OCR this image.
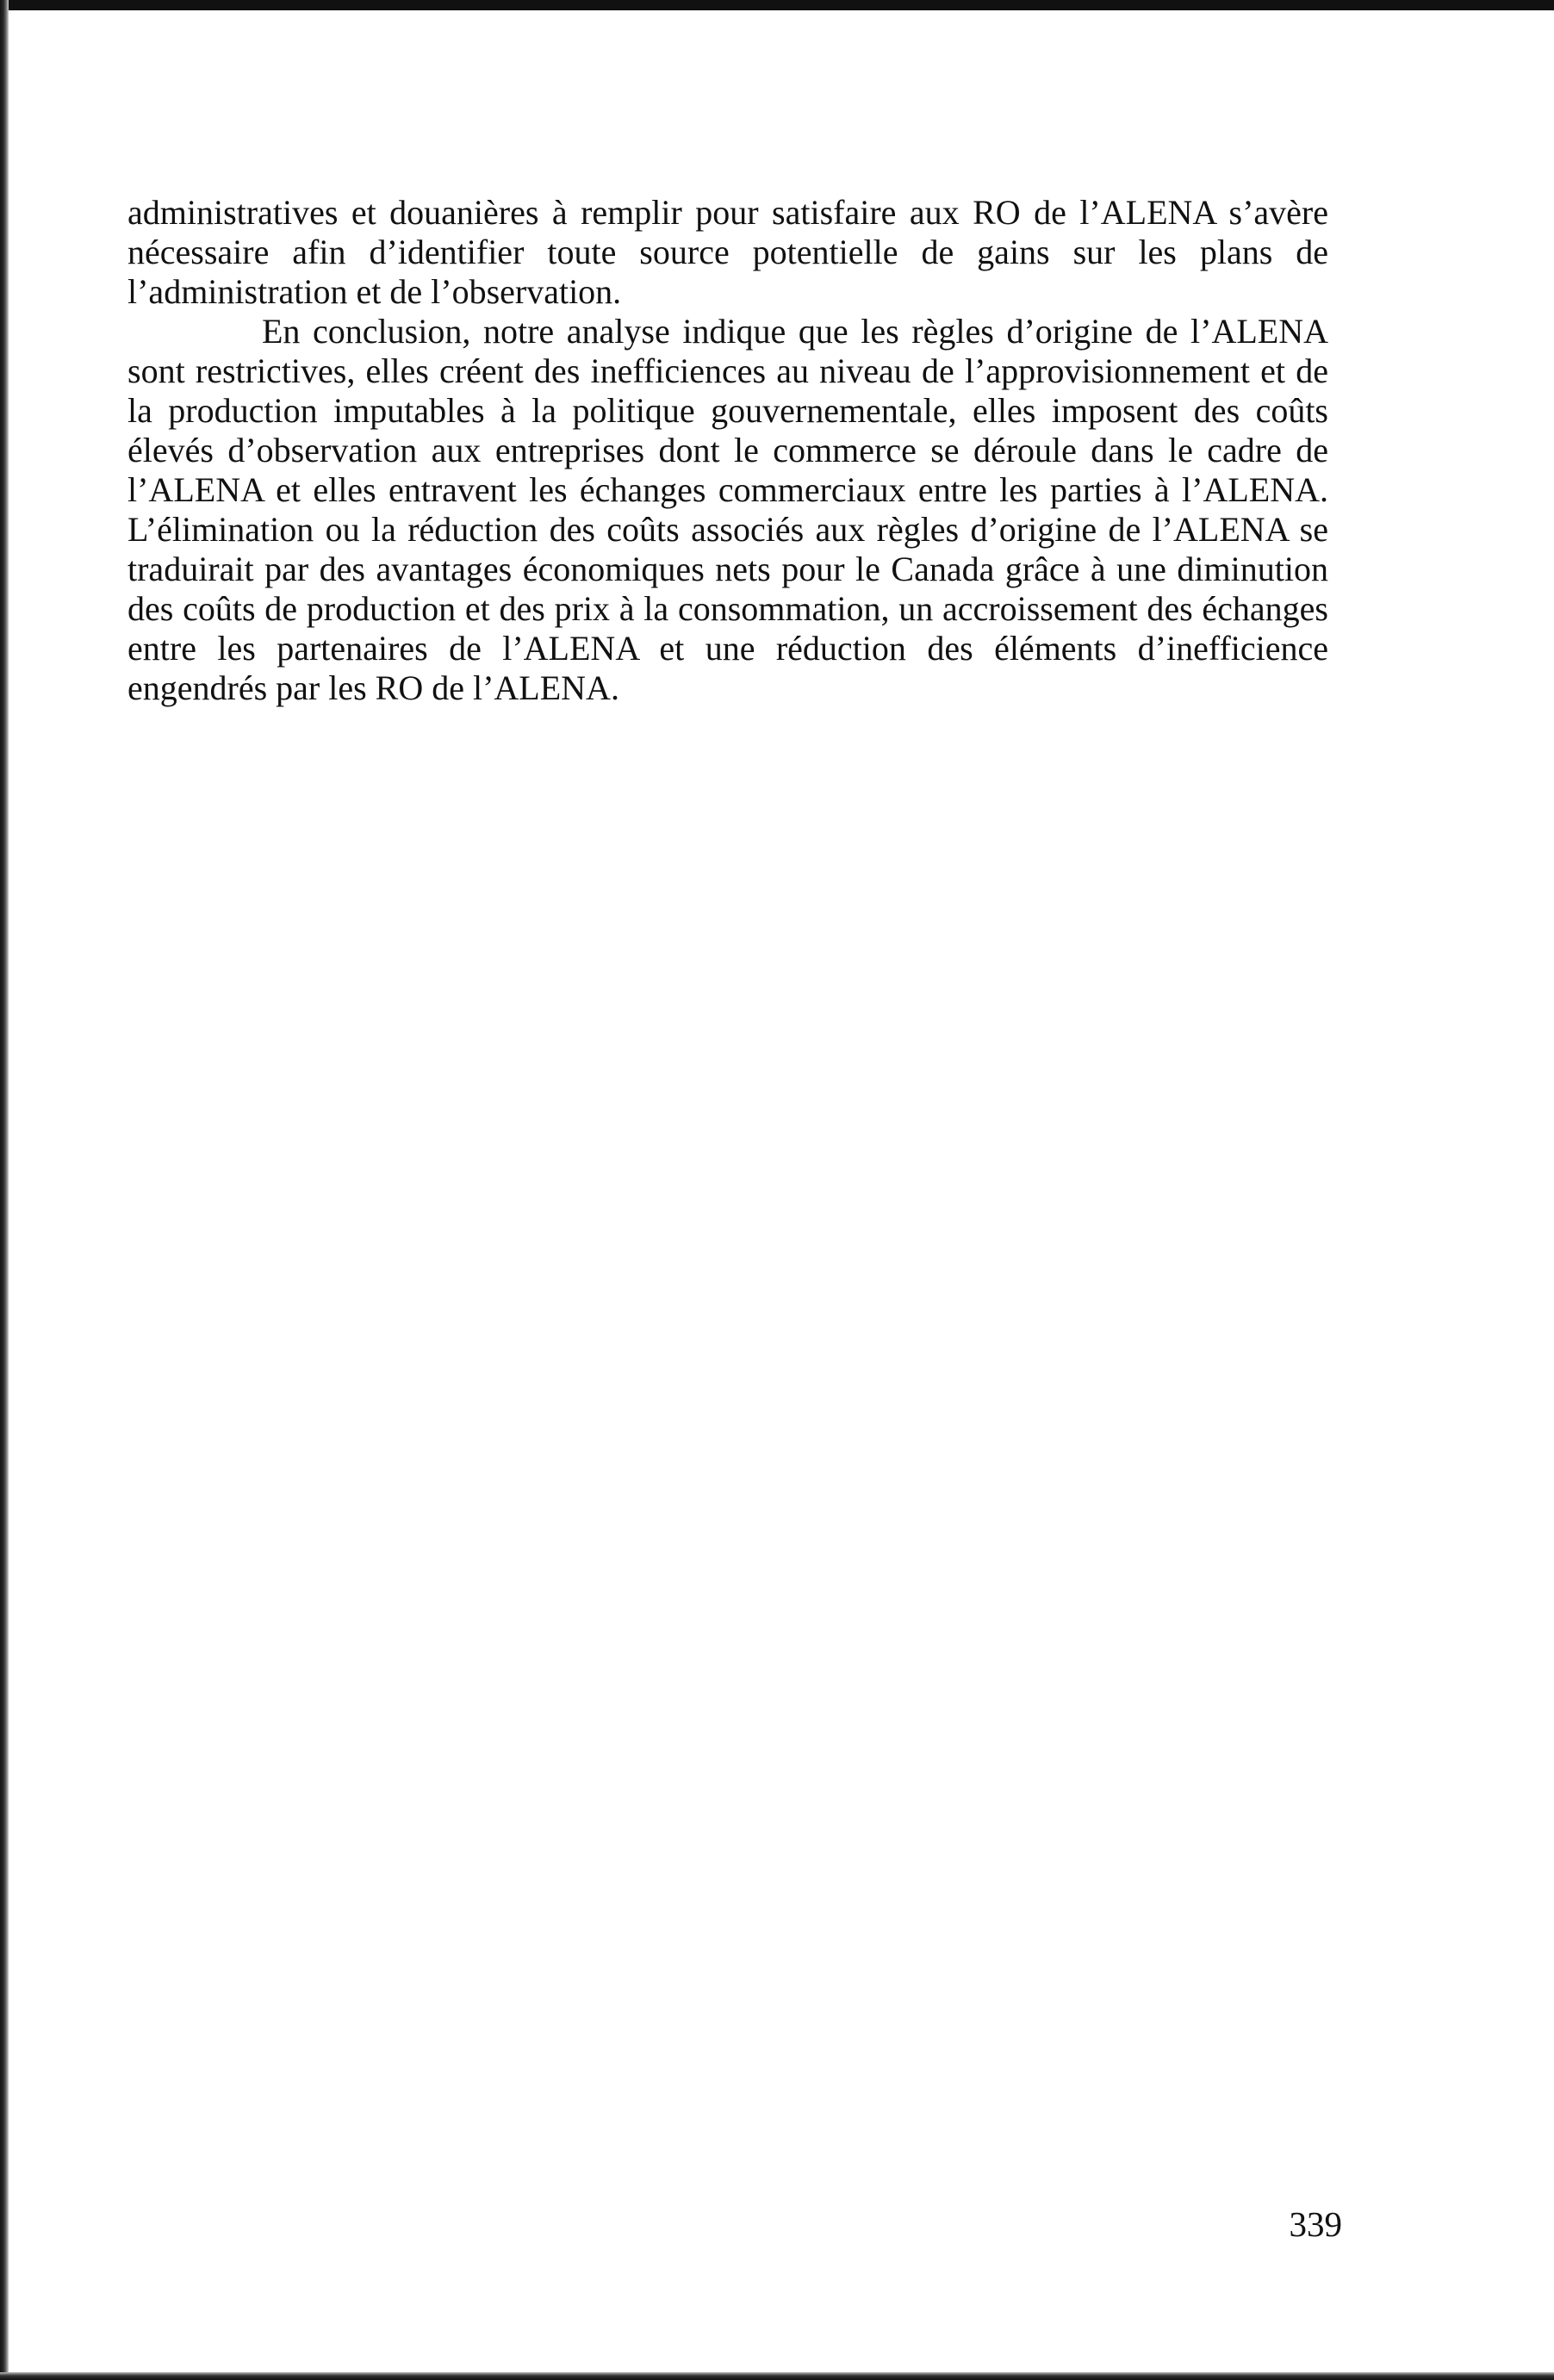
administratives et douanières à remplir pour satisfaire aux RO de l’ALENA s’avère nécessaire afin d’identifier toute source potentielle de gains sur les plans de l’administration et de l’observation.

En conclusion, notre analyse indique que les règles d’origine de l’ALENA sont restrictives, elles créent des inefficiences au niveau de l’approvisionnement et de la production imputables à la politique gouvernementale, elles imposent des coûts élevés d’observation aux entreprises dont le commerce se déroule dans le cadre de l’ALENA et elles entravent les échanges commerciaux entre les parties à l’ALENA. L’élimination ou la réduction des coûts associés aux règles d’origine de l’ALENA se traduirait par des avantages économiques nets pour le Canada grâce à une diminution des coûts de production et des prix à la consommation, un accroissement des échanges entre les partenaires de l’ALENA et une réduction des éléments d’inefficience engendrés par les RO de l’ALENA.

339
